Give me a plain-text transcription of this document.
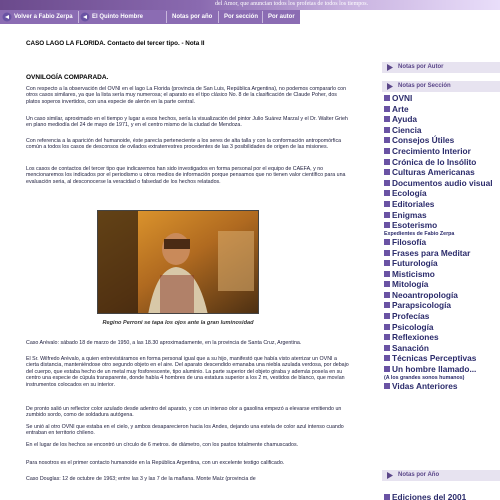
del Amor, que anuncian todos los profetas de todos los tiempos.
Volver a Fabio Zerpa	El Quinto Hombre	Notas por año Por sección Por autor
CASO LAGO LA FLORIDA. Contacto del tercer tipo. - Nota II
OVNILOGÍA COMPARADA.
Con respecto a la observación del OVNI en el lago La Florida (provincia de San Luis, República Argentina), no podemos compararlo con otros casos similares, ya que la lista sería muy numerosa; el aparato es el tipo clásico No. 8 de la clasificación de Claude Poher, dos platos soperos invertidos, con una especie de alerón en la parte central.
Un caso similar, aproximado en el tiempo y lugar a esos hechos, sería la visualización del pintor Julio Suárez Marzal y el Dr. Walter Grieh en plano mediodía del 24 de mayo de 1971, y en el centro mismo de la ciudad de Mendoza.
Con referencia a la aparición del humanoide, éste parecía perteneciente a los seres de alta talla y con la conformación antropomórfica común a todos los casos de desconsos de ovilados extraterrestres procedentes de las 3 posibilidades de origen de las misiones.
Los casos de contactos del tercer tipo que indicaremos han sido investigados en forma personal por el equipo de CAEFA, y no mencionaremos los indicados por el periodismo u otros medios de información porque pensamos que no tienen valor científico para una evaluación seria, al desconocerse la veracidad o falsedad de los hechos relatados.
Regino Perroni se tapa los ojos ante la gran luminosidad
Caso Arévalo: sábado 18 de marzo de 1950, a las 18.30 aproximadamente, en la provincia de Santa Cruz, Argentina.
El Sr. Wilfredo Arévalo, a quien entrevistáramos en forma personal igual que a su hijo, manifestó que había visto aterrizar un OVNI a cierta distancia, manteniéndose otro segundo objeto en el aire. Del aparato descendido emanaba una niebla azulada verdosa, por debajo del cuerpo, que estaba hecho de un metal muy fosforescente, tipo aluminio. La parte superior del objeto giraba y además poseía en su centro una especie de cúpula transparente, donde había 4 hombres de una estatura superior a los 2 m, vestidos de blanco, que movían instrumentos colocados en su interior.
De pronto salió un reflector color azulado desde adentro del aparato, y con un intenso olor a gasolina empezó a elevarse emitiendo un zumbido sordo, como de soldadura autógena.
Se unió al otro OVNI que estaba en el cielo, y ambos desaparecieron hacia los Andes, dejando una estela de color azul intenso cuando entraban en territorio chileno.
En el lugar de los hechos se encontró un círculo de 6 metros. de diámetro, con los pastos totalmente chamuscados.
Para nosotros es el primer contacto humanoide en la República Argentina, con un excelente testigo calificado.
Caso Douglas: 12 de octubre de 1963; entre las 3 y las 7 de la mañana. Monte Maíz (provincia de
Notas por Autor
Notas por Sección
OVNI
Arte
Ayuda
Ciencia
Consejos Útiles
Crecimiento Interior
Crónica de lo Insólito
Culturas Americanas
Documentos audio visual
Ecología
Editoriales
Enigmas
Esoterismo
Expedientes de Fabio Zerpa
Filosofía
Frases para Meditar
Futurología
Misticismo
Mitología
Neoantropología
Parapsicología
Profecías
Psicología
Reflexiones
Sanación
Técnicas Perceptivas
Un hombre llamado...
(A los grandes sonos humanos)
Vidas Anteriores
Notas por Año
Ediciones del 2001
